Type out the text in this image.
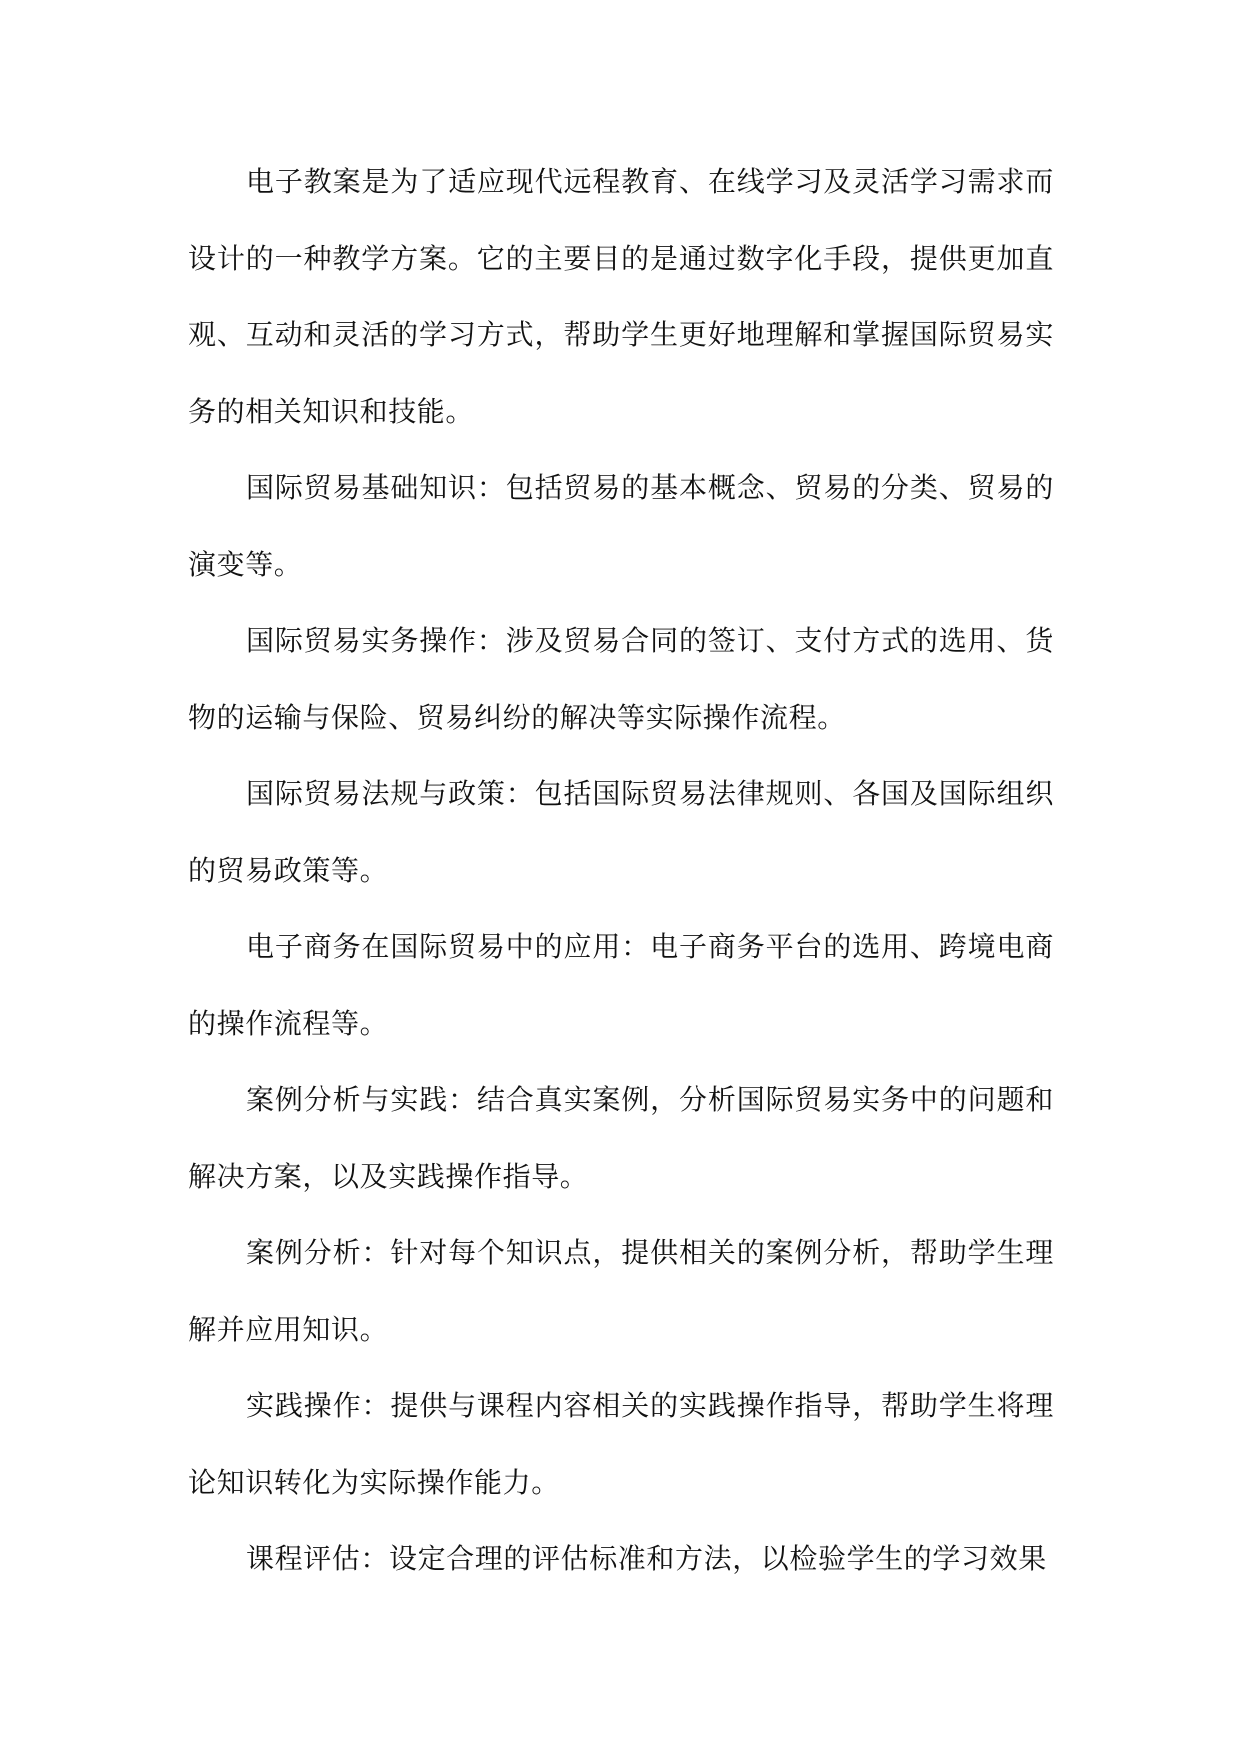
电子教案是为了适应现代远程教育、在线学习及灵活学习需求而设计的一种教学方案。它的主要目的是通过数字化手段，提供更加直观、互动和灵活的学习方式，帮助学生更好地理解和掌握国际贸易实务的相关知识和技能。

国际贸易基础知识：包括贸易的基本概念、贸易的分类、贸易的演变等。

国际贸易实务操作：涉及贸易合同的签订、支付方式的选用、货物的运输与保险、贸易纠纷的解决等实际操作流程。

国际贸易法规与政策：包括国际贸易法律规则、各国及国际组织的贸易政策等。

电子商务在国际贸易中的应用：电子商务平台的选用、跨境电商的操作流程等。

案例分析与实践：结合真实案例，分析国际贸易实务中的问题和解决方案，以及实践操作指导。

案例分析：针对每个知识点，提供相关的案例分析，帮助学生理解并应用知识。

实践操作：提供与课程内容相关的实践操作指导，帮助学生将理论知识转化为实际操作能力。

课程评估：设定合理的评估标准和方法，以检验学生的学习效果
